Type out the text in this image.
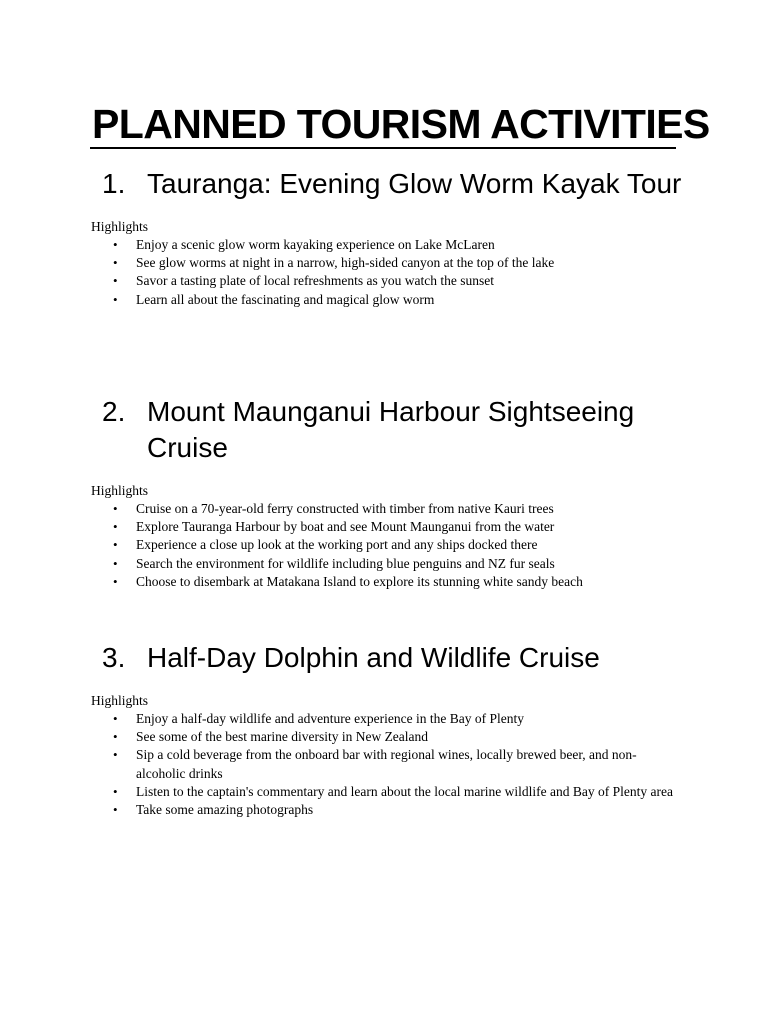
PLANNED TOURISM ACTIVITIES
1. Tauranga: Evening Glow Worm Kayak Tour
Highlights
• Enjoy a scenic glow worm kayaking experience on Lake McLaren
• See glow worms at night in a narrow, high-sided canyon at the top of the lake
• Savor a tasting plate of local refreshments as you watch the sunset
• Learn all about the fascinating and magical glow worm
2. Mount Maunganui Harbour Sightseeing Cruise
Highlights
• Cruise on a 70-year-old ferry constructed with timber from native Kauri trees
• Explore Tauranga Harbour by boat and see Mount Maunganui from the water
• Experience a close up look at the working port and any ships docked there
• Search the environment for wildlife including blue penguins and NZ fur seals
• Choose to disembark at Matakana Island to explore its stunning white sandy beach
3. Half-Day Dolphin and Wildlife Cruise
Highlights
• Enjoy a half-day wildlife and adventure experience in the Bay of Plenty
• See some of the best marine diversity in New Zealand
• Sip a cold beverage from the onboard bar with regional wines, locally brewed beer, and non-alcoholic drinks
• Listen to the captain's commentary and learn about the local marine wildlife and Bay of Plenty area
• Take some amazing photographs
